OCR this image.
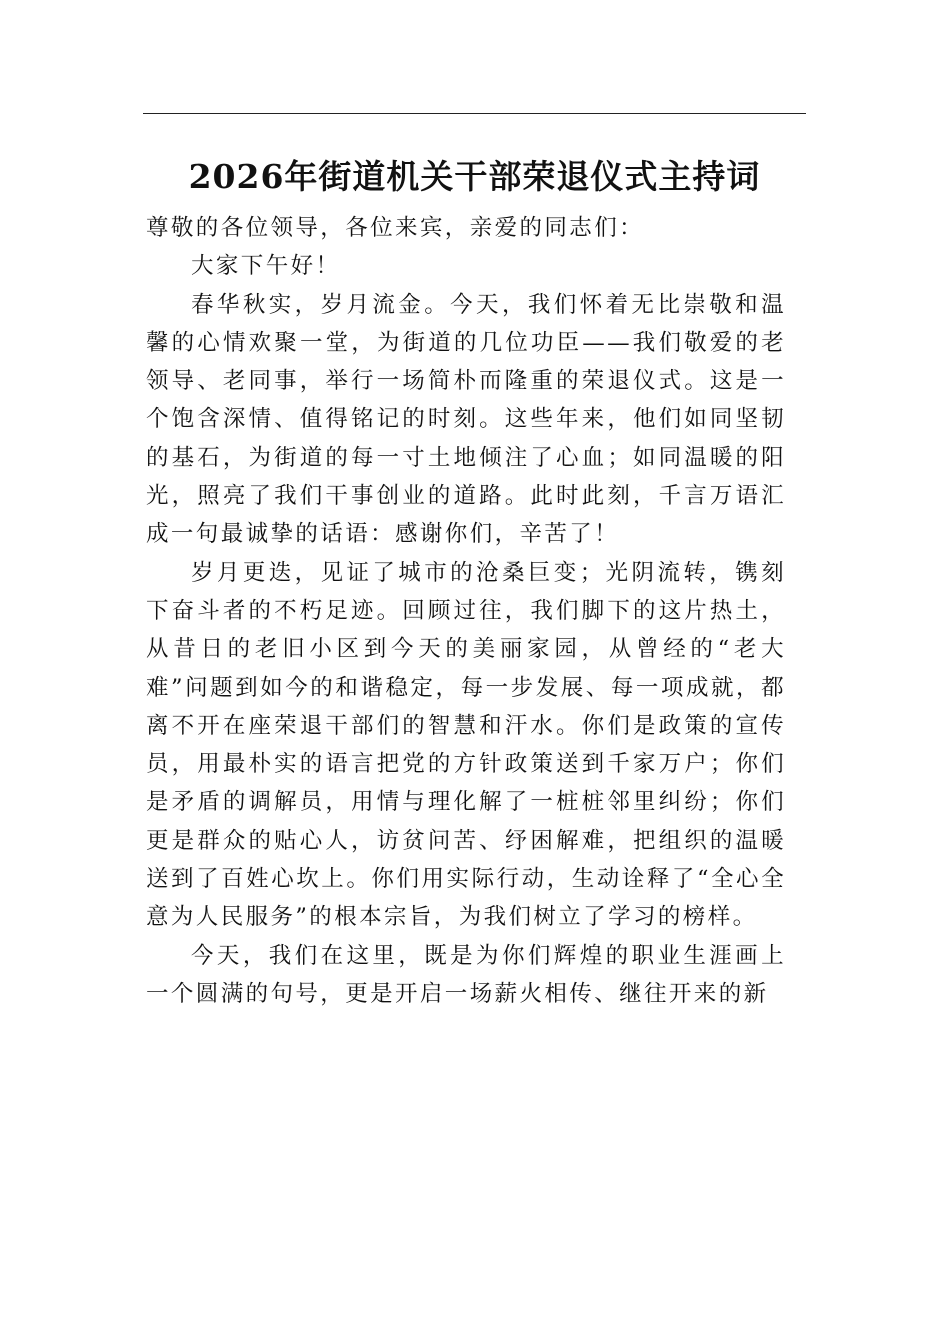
2026年街道机关干部荣退仪式主持词

尊敬的各位领导，各位来宾，亲爱的同志们：

大家下午好！

春华秋实，岁月流金。今天，我们怀着无比崇敬和温馨的心情欢聚一堂，为街道的几位功臣——我们敬爱的老领导、老同事，举行一场简朴而隆重的荣退仪式。这是一个饱含深情、值得铭记的时刻。这些年来，他们如同坚韧的基石，为街道的每一寸土地倾注了心血；如同温暖的阳光，照亮了我们干事创业的道路。此时此刻，千言万语汇成一句最诚挚的话语：感谢你们，辛苦了！

岁月更迭，见证了城市的沧桑巨变；光阴流转，镌刻下奋斗者的不朽足迹。回顾过往，我们脚下的这片热土，从昔日的老旧小区到今天的美丽家园，从曾经的“老大难”问题到如今的和谐稳定，每一步发展、每一项成就，都离不开在座荣退干部们的智慧和汗水。你们是政策的宣传员，用最朴实的语言把党的方针政策送到千家万户；你们是矛盾的调解员，用情与理化解了一桩桩邻里纠纷；你们更是群众的贴心人，访贫问苦、纾困解难，把组织的温暖送到了百姓心坎上。你们用实际行动，生动诠释了“全心全意为人民服务”的根本宗旨，为我们树立了学习的榜样。

今天，我们在这里，既是为你们辉煌的职业生涯画上一个圆满的句号，更是开启一场薪火相传、继往开来的新
